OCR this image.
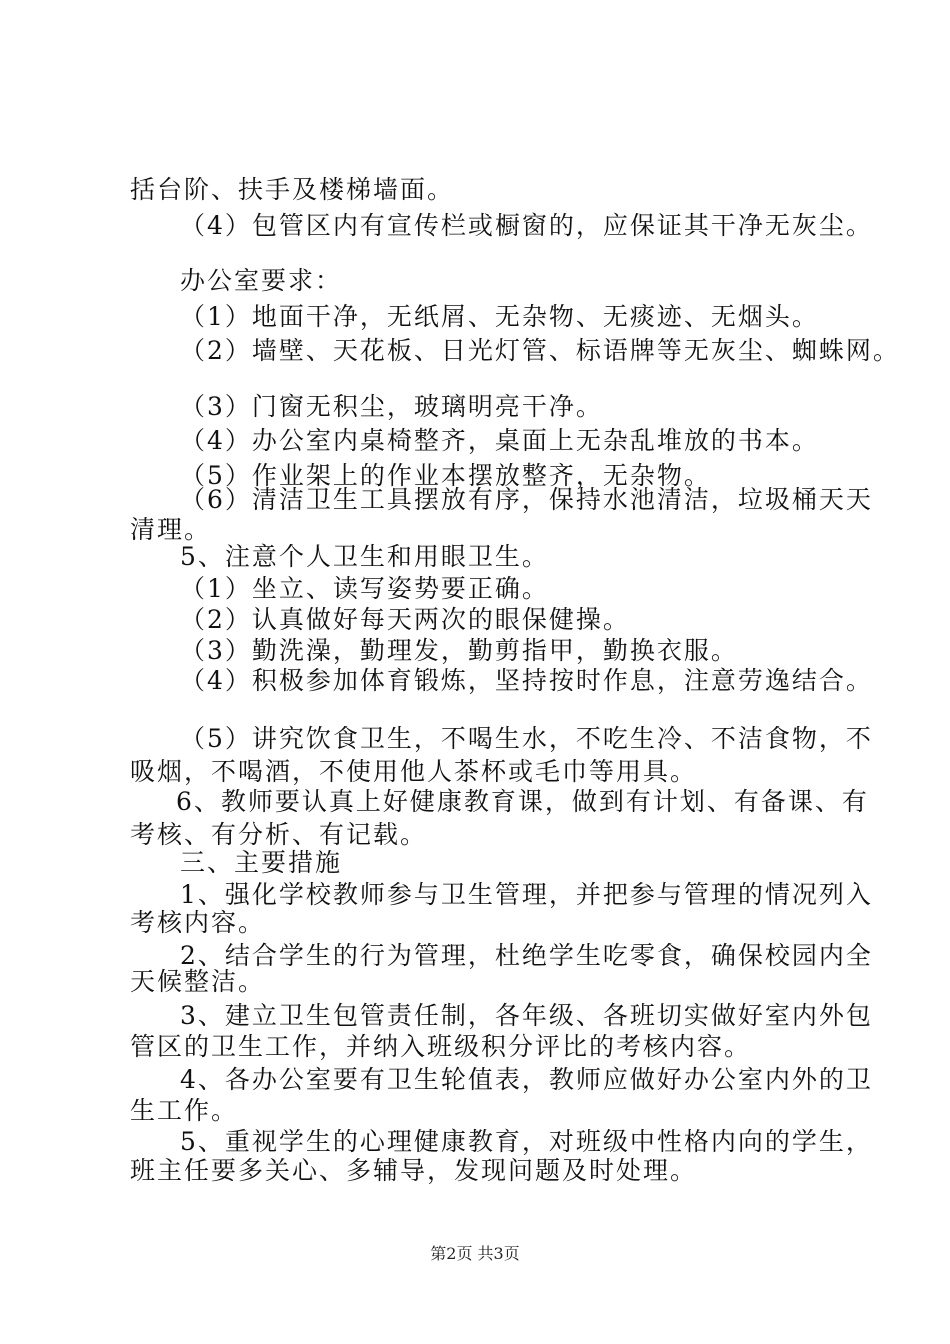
括台阶、扶手及楼梯墙面。
（4）包管区内有宣传栏或橱窗的，应保证其干净无灰尘。
办公室要求：
（1）地面干净，无纸屑、无杂物、无痰迹、无烟头。
（2）墙壁、天花板、日光灯管、标语牌等无灰尘、蜘蛛网。
（3）门窗无积尘，玻璃明亮干净。
（4）办公室内桌椅整齐，桌面上无杂乱堆放的书本。
（5）作业架上的作业本摆放整齐，无杂物。
（6）清洁卫生工具摆放有序，保持水池清洁，垃圾桶天天
清理。
5、注意个人卫生和用眼卫生。
（1）坐立、读写姿势要正确。
（2）认真做好每天两次的眼保健操。
（3）勤洗澡，勤理发，勤剪指甲，勤换衣服。
（4）积极参加体育锻炼，坚持按时作息，注意劳逸结合。
（5）讲究饮食卫生，不喝生水，不吃生冷、不洁食物，不
吸烟，不喝酒，不使用他人茶杯或毛巾等用具。
6、教师要认真上好健康教育课，做到有计划、有备课、有
考核、有分析、有记载。
三、主要措施
1、强化学校教师参与卫生管理，并把参与管理的情况列入
考核内容。
2、结合学生的行为管理，杜绝学生吃零食，确保校园内全
天候整洁。
3、建立卫生包管责任制，各年级、各班切实做好室内外包
管区的卫生工作，并纳入班级积分评比的考核内容。
4、各办公室要有卫生轮值表，教师应做好办公室内外的卫
生工作。
5、重视学生的心理健康教育，对班级中性格内向的学生，
班主任要多关心、多辅导，发现问题及时处理。
第2页 共3页
